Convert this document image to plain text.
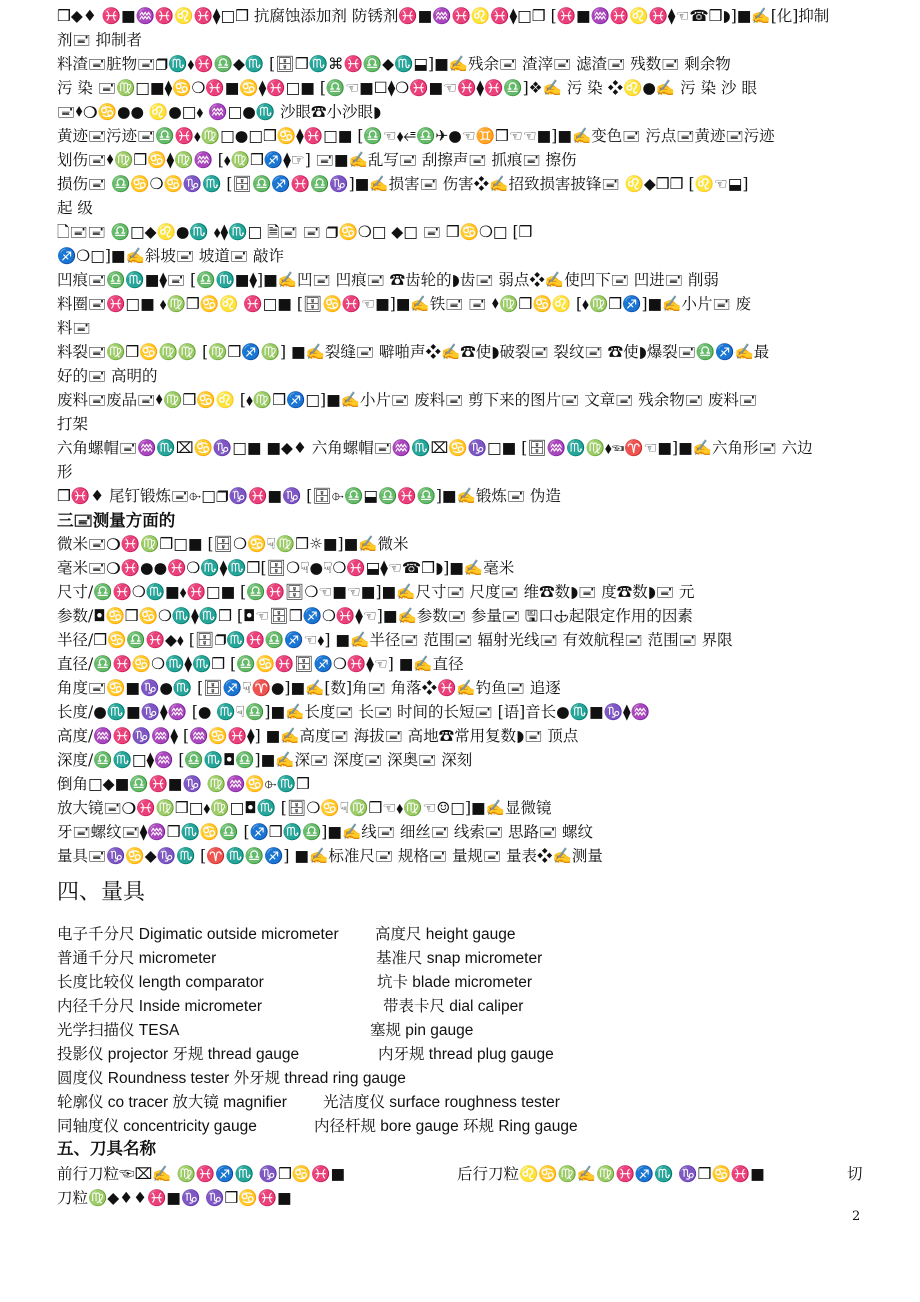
❒◆♦ ♓■♒♓♌♓⧫□❒ 抗腐蚀添加剂 防锈剂♓■♒♓♌♓⧫□❒ [♓■♒♓♌♓⧫☜☎❒◗]■✍[化]抑制
剂🖃 抑制者
料渣🖃脏物🖃❒♏⬧♓♎◆♏ [🗄❒♏⌘♓♎◆♏⬓]■✍残余🖃 渣滓🖃 滤渣🖃 残数🖃 剩余物
污 染 🖃♍□■⧫♋❍♓■♋⧫♓□■ [♎☜■☐⧫❍♓■☜♓⧫♓♎]❖✍ 污 染 ❖♌●✍ 污 染 沙 眼
🖃⬧❍♋●● ♌●□⬧ ♒□●♏ 沙眼☎小沙眼◗
黄迹🖃污迹🖃♎♓⬧♍□●□❒♋⧫♓□■ [♎☜⬧⭀♎✈●☜♊❒☜☜■]■✍变色🖃 污点🖃黄迹🖃污迹
划伤🖃⬧♍❒♋⧫♍♒ [⬧♍❒♐⧫☞] 🖃■✍乱写🖃 刮擦声🖃 抓痕🖃 擦伤
损伤🖃 ♎♋❍♋♑♏ [🗄♎♐♓♎♑]■✍损害🖃 伤害❖✍招致损害披锋🖃 ♌◆❒❒ [♌☜⬓]
起 级
🗋🖃🖃 ♎□◆♌●♏ ⬧⧫♏□ 🗎🖃 🖃 ❒♋❍□ ◆□ 🖃 ❒♋❍□ [❒
♐❍□]■✍斜坡🖃 坡道🖃 敲诈
凹痕🖃♎♏■⧫🖃 [♎♏■⧫]■✍凹🖃 凹痕🖃 ☎齿轮的◗齿🖃 弱点❖✍使凹下🖃 凹进🖃 削弱
料圈🖃♓□■ ⬧♍❒♋♌ ♓□■ [🗄♋♓☜■]■✍铁🖃 🖃 ⬧♍❒♋♌ [⬧♍❒♐]■✍小片🖃 废
料🖃
料裂🖃♍❒♋♍♍ [♍❒♐♍] ■✍裂缝🖃 噼啪声❖✍☎使◗破裂🖃 裂纹🖃 ☎使◗爆裂🖃♎♐✍最
好的🖃 高明的
废料🖃废品🖃⬧♍❒♋♌ [⬧♍❒♐□]■✍小片🖃 废料🖃 剪下来的图片🖃 文章🖃 残余物🖃 废料🖃
打架
六角螺帽🖃♒♏⌧♋♑□■ ■◆♦ 六角螺帽🖃♒♏⌧♋♑□■ [🗄♒♏♍⬧☜♈☜■]■✍六角形🖃 六边
形
❒♓♦ 尾钉锻炼🖃⌱□❒♑♓■♑ [🗄⌱♎⬓♎♓♎]■✍锻炼🖃 伪造
三🖃测量方面的
微米🖃❍♓♍❒□■ [🗄❍♋☟♍❒☼■]■✍微米
毫米🖃❍♓●●♓❍♏⧫♏❒[🗄❍☟●☟❍♓⬓⧫☜☎❒◗]■✍毫米
尺寸/♎♓❍♏■⬧♓□■ [♎♓🗄❍☜■☜■]■✍尺寸🖃 尺度🖃 维☎数◗🖃 度☎数◗🖃 元
参数/◘♋❒♋❍♏⧫♏❒ [◘☜🗄❒♐❍♓⧫☜]■✍参数🖃 参量🖃 🖫口🕁起限定作用的因素
半径/❒♋♎♓◆⬧ [🗄❒♏♓♎♐☜⬧] ■✍半径🖃 范围🖃 辐射光线🖃 有效航程🖃 范围🖃 界限
直径/♎♓♋❍♏⧫♏❒ [♎♋♓🗄♐❍♓⧫☜] ■✍直径
角度🖃♋■♑●♏ [🗄♐☟♈●]■✍[数]角🖃 角落❖♓✍钓鱼🖃 追逐
长度/●♏■♑⧫♒ [● ♏☟♎]■✍长度🖃 长🖃 时间的长短🖃 [语]音长●♏■♑⧫♒
高度/♒♓♑♒⧫ [♒♋♓⧫] ■✍高度🖃 海拔🖃 高地☎常用复数◗🖃 顶点
深度/♎♏□⧫♒ [♎♏◘♎]■✍深🖃 深度🖃 深奥🖃 深刻
倒角□◆■♎♓■♑ ♍♒♋⌱♏❒
放大镜🖃❍♓♍❒□⬧♍□◘♏ [🗄❍♋☟♍❒☜⬧♍☜☺□]■✍显微镜
牙🖃螺纹🖃⧫♒❒♏♋♎ [♐❒♏♎]■✍线🖃 细丝🖃 线索🖃 思路🖃 螺纹
量具🖃♑♋◆♑♏ [♈♏♎♐] ■✍标准尺🖃 规格🖃 量规🖃 量表❖✍测量
四、量具
电子千分尺 Digimatic outside micrometer 高度尺 height gauge
普通千分尺 micrometer	基准尺 snap micrometer
长度比较仪 length comparator	坑卡 blade micrometer
内径千分尺 Inside micrometer	带表卡尺 dial caliper
光学扫描仪 TESA	塞规 pin gauge
投影仪 projector 牙规 thread gauge	内牙规 thread plug gauge
圆度仪 Roundness tester 外牙规 thread ring gauge
轮廓仪 co tracer 放大镜 magnifier 光洁度仪 surface roughness tester
同轴度仪 concentricity gauge	内径杆规 bore gauge 环规 Ring gauge
五、刀具名称
前行刀粒☜⌧✍ ♍♓♐♏ ♑❒♋♓■	后行刀粒♌♋♍✍♍♓♐♏ ♑❒♋♓■	切
刀粒♍◆♦♦♓■♑ ♑❒♋♓■
2
